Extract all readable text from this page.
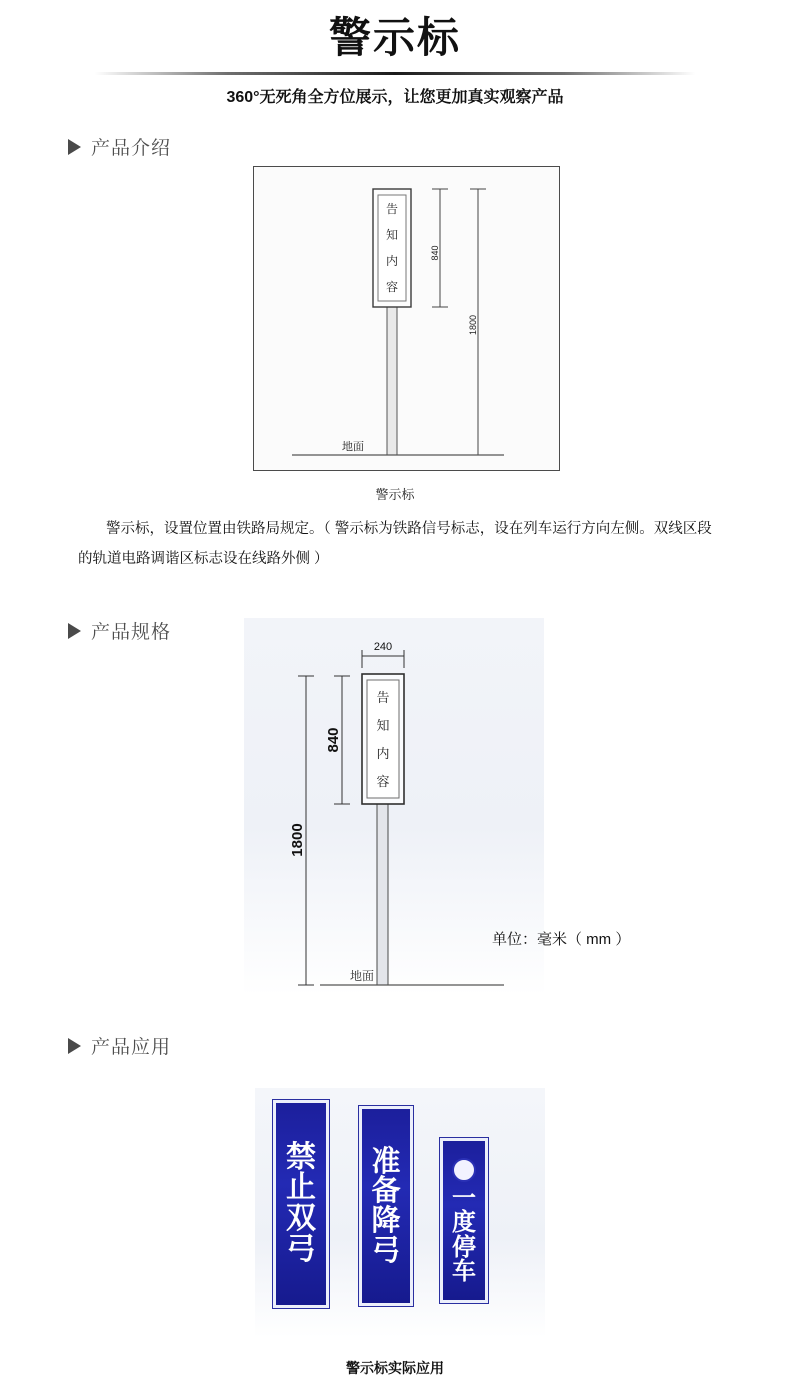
警示标
360°无死角全方位展示，让您更加真实观察产品
产品介绍
告
知
内
容
840
1800
地面
警示标
警示标，设置位置由铁路局规定。（ 警示标为铁路信号标志，设在列车运行方向左侧。双线区段的轨道电路调谐区标志设在线路外侧 ）
产品规格
240
告
知
内
容
840
1800
地面
单位：毫米（ mm ）
产品应用
禁
止
双
弓
准
备
降
弓
一
度
停
车
警示标实际应用
